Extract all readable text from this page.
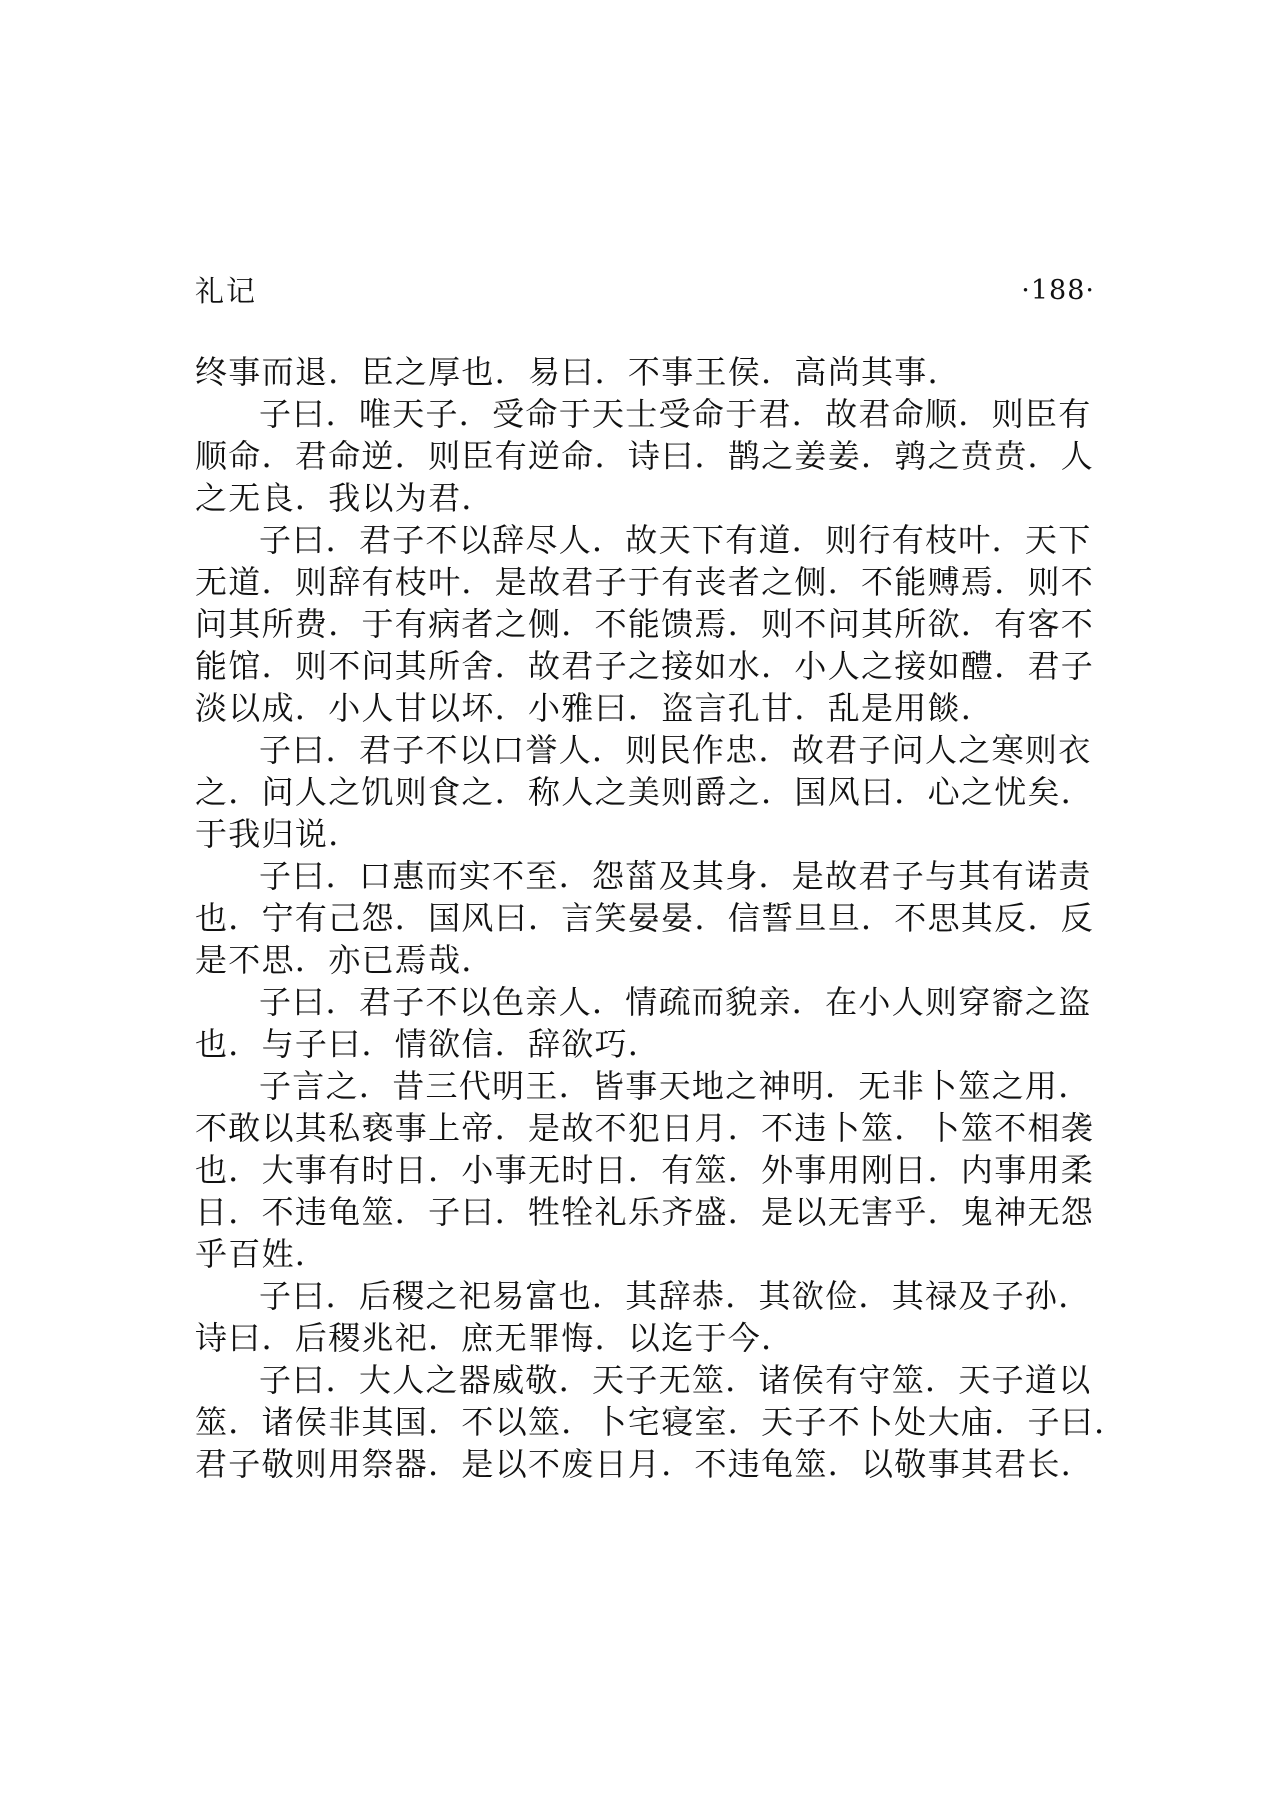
礼记	·188·
终事而退．臣之厚也．易曰．不事王侯．高尚其事．
子曰．唯天子．受命于天士受命于君．故君命顺．则臣有
顺命．君命逆．则臣有逆命．诗曰．鹊之姜姜．鹑之贲贲．人
之无良．我以为君．
子曰．君子不以辞尽人．故天下有道．则行有枝叶．天下
无道．则辞有枝叶．是故君子于有丧者之侧．不能赙焉．则不
问其所费．于有病者之侧．不能馈焉．则不问其所欲．有客不
能馆．则不问其所舍．故君子之接如水．小人之接如醴．君子
淡以成．小人甘以坏．小雅曰．盗言孔甘．乱是用餤．
子曰．君子不以口誉人．则民作忠．故君子问人之寒则衣
之．问人之饥则食之．称人之美则爵之．国风曰．心之忧矣．
于我归说．
子曰．口惠而实不至．怨菑及其身．是故君子与其有诺责
也．宁有己怨．国风曰．言笑晏晏．信誓旦旦．不思其反．反
是不思．亦已焉哉．
子曰．君子不以色亲人．情疏而貌亲．在小人则穿窬之盗
也．与子曰．情欲信．辞欲巧．
子言之．昔三代明王．皆事天地之神明．无非卜筮之用．
不敢以其私亵事上帝．是故不犯日月．不违卜筮．卜筮不相袭
也．大事有时日．小事无时日．有筮．外事用刚日．内事用柔
日．不违龟筮．子曰．牲牷礼乐齐盛．是以无害乎．鬼神无怨
乎百姓．
子曰．后稷之祀易富也．其辞恭．其欲俭．其禄及子孙．
诗曰．后稷兆祀．庶无罪悔．以迄于今．
子曰．大人之器威敬．天子无筮．诸侯有守筮．天子道以
筮．诸侯非其国．不以筮．卜宅寝室．天子不卜处大庙．子曰．
君子敬则用祭器．是以不废日月．不违龟筮．以敬事其君长．
